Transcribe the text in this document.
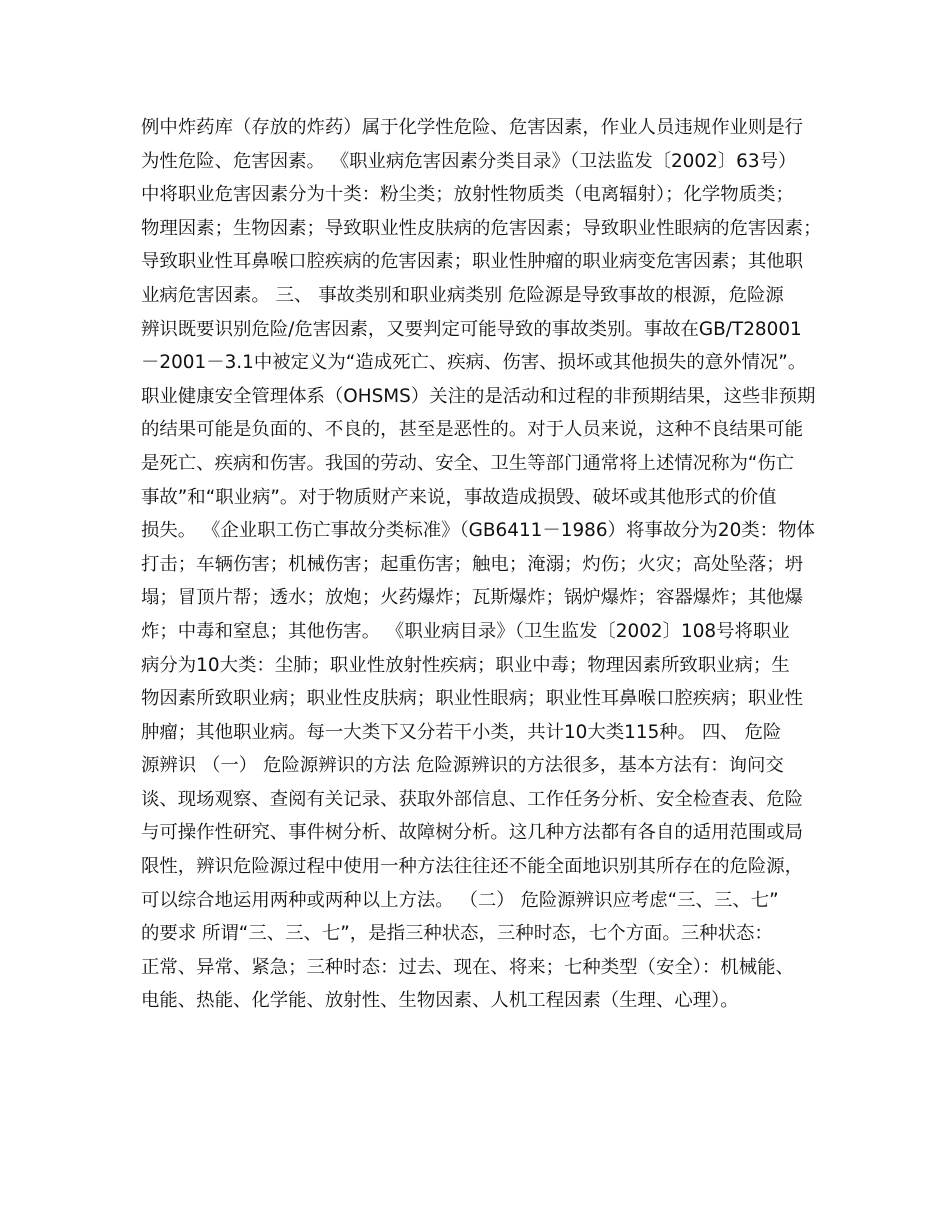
例中炸药库（存放的炸药）属于化学性危险、危害因素，作业人员违规作业则是行
为性危险、危害因素。 《职业病危害因素分类目录》（卫法监发〔2002〕63号）
中将职业危害因素分为十类：粉尘类；放射性物质类（电离辐射）；化学物质类；
物理因素；生物因素；导致职业性皮肤病的危害因素；导致职业性眼病的危害因素；
导致职业性耳鼻喉口腔疾病的危害因素；职业性肿瘤的职业病变危害因素；其他职
业病危害因素。 三、 事故类别和职业病类别 危险源是导致事故的根源，危险源
辨识既要识别危险/危害因素，又要判定可能导致的事故类别。事故在GB/T28001
－2001－3.1中被定义为“造成死亡、疾病、伤害、损坏或其他损失的意外情况”。
职业健康安全管理体系（OHSMS）关注的是活动和过程的非预期结果，这些非预期
的结果可能是负面的、不良的，甚至是恶性的。对于人员来说，这种不良结果可能
是死亡、疾病和伤害。我国的劳动、安全、卫生等部门通常将上述情况称为“伤亡
事故”和“职业病”。对于物质财产来说，事故造成损毁、破坏或其他形式的价值
损失。 《企业职工伤亡事故分类标准》（GB6411－1986）将事故分为20类：物体
打击；车辆伤害；机械伤害；起重伤害；触电；淹溺；灼伤；火灾；高处坠落；坍
塌；冒顶片帮；透水；放炮；火药爆炸；瓦斯爆炸；锅炉爆炸；容器爆炸；其他爆
炸；中毒和窒息；其他伤害。 《职业病目录》（卫生监发〔2002〕108号将职业
病分为10大类：尘肺；职业性放射性疾病；职业中毒；物理因素所致职业病；生
物因素所致职业病；职业性皮肤病；职业性眼病；职业性耳鼻喉口腔疾病；职业性
肿瘤；其他职业病。每一大类下又分若干小类，共计10大类115种。 四、 危险
源辨识 （一） 危险源辨识的方法 危险源辨识的方法很多，基本方法有：询问交
谈、现场观察、查阅有关记录、获取外部信息、工作任务分析、安全检查表、危险
与可操作性研究、事件树分析、故障树分析。这几种方法都有各自的适用范围或局
限性，辨识危险源过程中使用一种方法往往还不能全面地识别其所存在的危险源，
可以综合地运用两种或两种以上方法。 （二） 危险源辨识应考虑“三、三、七”
的要求 所谓“三、三、七”，是指三种状态，三种时态，七个方面。三种状态：
正常、异常、紧急；三种时态：过去、现在、将来；七种类型（安全）：机械能、
电能、热能、化学能、放射性、生物因素、人机工程因素（生理、心理）。
